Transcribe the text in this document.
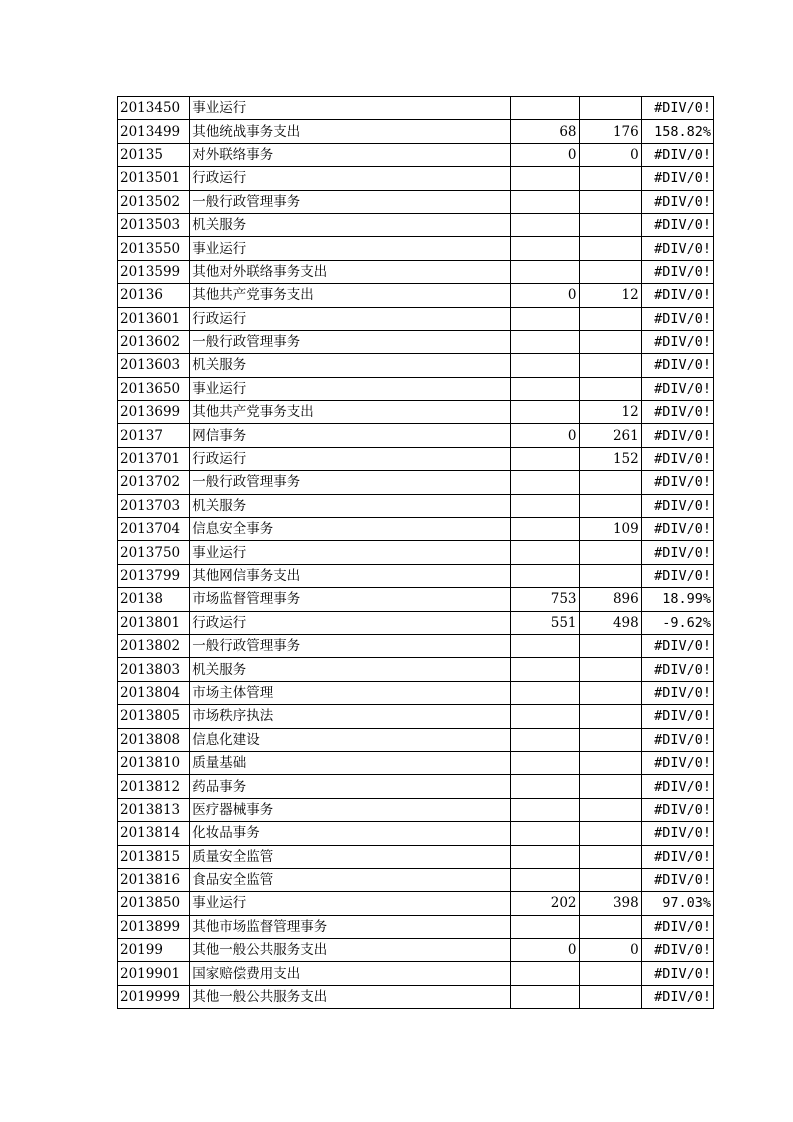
2013450	事业运行			#DIV/0!
2013499	其他统战事务支出	68	176	158.82%
20135	对外联络事务	0	0	#DIV/0!
2013501	行政运行			#DIV/0!
2013502	一般行政管理事务			#DIV/0!
2013503	机关服务			#DIV/0!
2013550	事业运行			#DIV/0!
2013599	其他对外联络事务支出			#DIV/0!
20136	其他共产党事务支出	0	12	#DIV/0!
2013601	行政运行			#DIV/0!
2013602	一般行政管理事务			#DIV/0!
2013603	机关服务			#DIV/0!
2013650	事业运行			#DIV/0!
2013699	其他共产党事务支出		12	#DIV/0!
20137	网信事务	0	261	#DIV/0!
2013701	行政运行		152	#DIV/0!
2013702	一般行政管理事务			#DIV/0!
2013703	机关服务			#DIV/0!
2013704	信息安全事务		109	#DIV/0!
2013750	事业运行			#DIV/0!
2013799	其他网信事务支出			#DIV/0!
20138	市场监督管理事务	753	896	18.99%
2013801	行政运行	551	498	-9.62%
2013802	一般行政管理事务			#DIV/0!
2013803	机关服务			#DIV/0!
2013804	市场主体管理			#DIV/0!
2013805	市场秩序执法			#DIV/0!
2013808	信息化建设			#DIV/0!
2013810	质量基础			#DIV/0!
2013812	药品事务			#DIV/0!
2013813	医疗器械事务			#DIV/0!
2013814	化妆品事务			#DIV/0!
2013815	质量安全监管			#DIV/0!
2013816	食品安全监管			#DIV/0!
2013850	事业运行	202	398	97.03%
2013899	其他市场监督管理事务			#DIV/0!
20199	其他一般公共服务支出	0	0	#DIV/0!
2019901	国家赔偿费用支出			#DIV/0!
2019999	其他一般公共服务支出			#DIV/0!
